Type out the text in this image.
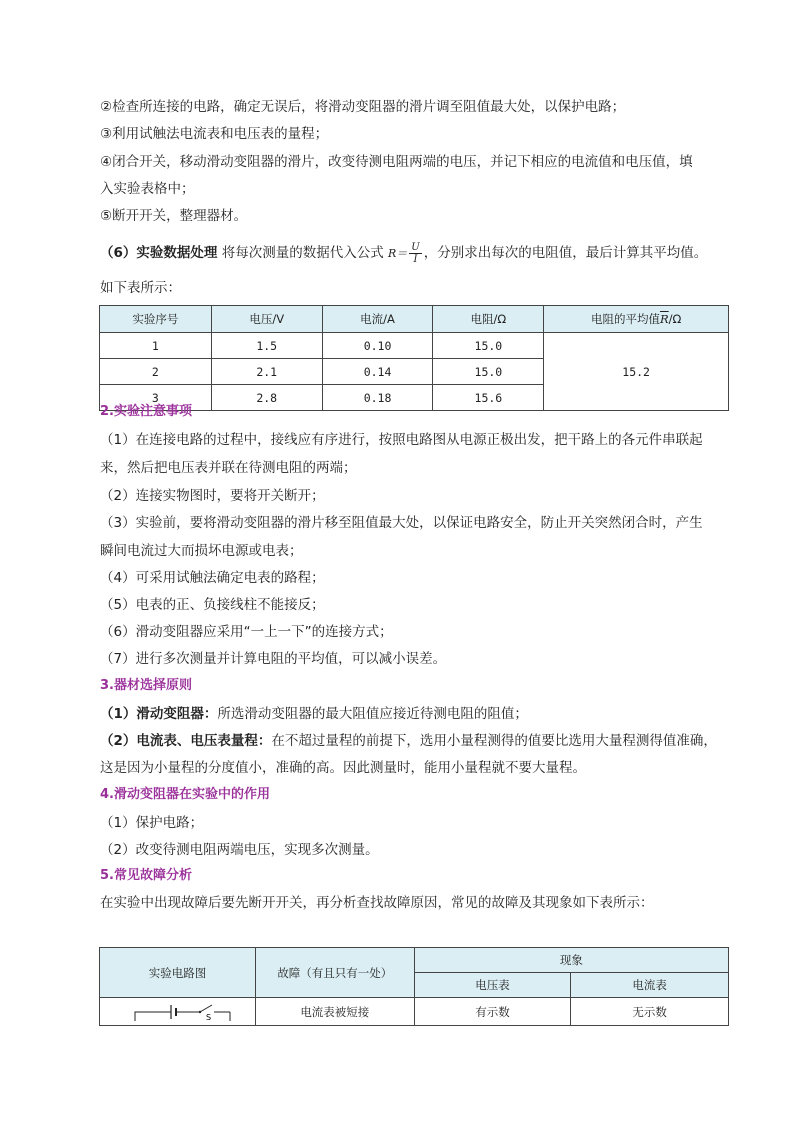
②检查所连接的电路，确定无误后，将滑动变阻器的滑片调至阻值最大处，以保护电路；
③利用试触法电流表和电压表的量程；
④闭合开关，移动滑动变阻器的滑片，改变待测电阻两端的电压，并记下相应的电流值和电压值，填
入实验表格中；
⑤断开开关，整理器材。
（6）实验数据处理 将每次测量的数据代入公式 $R= \frac{U}{I}$ ，分别求出每次的电阻值，最后计算其平均值。
如下表所示：
实验序号	电压/V	电流/A	电阻/Ω	电阻的平均值$\overline{R}/\Omega$
1	1.5	0.10	15.0	15.2
2	2.1	0.14	15.0	
3	2.8	0.18	15.6	
2.实验注意事项
（1）在连接电路的过程中，接线应有序进行，按照电路图从电源正极出发，把干路上的各元件串联起
来，然后把电压表并联在待测电阻的两端；
（2）连接实物图时，要将开关断开；
（3）实验前，要将滑动变阻器的滑片移至阻值最大处，以保证电路安全，防止开关突然闭合时，产生
瞬间电流过大而损坏电源或电表；
（4）可采用试触法确定电表的路程；
（5）电表的正、负接线柱不能接反；
（6）滑动变阻器应采用“一上一下”的连接方式；
（7）进行多次测量并计算电阻的平均值，可以减小误差。
3.器材选择原则
（1）滑动变阻器：所选滑动变阻器的最大阻值应接近待测电阻的阻值；
（2）电流表、电压表量程：在不超过量程的前提下，选用小量程测得的值要比选用大量程测得值准确，
这是因为小量程的分度值小，准确的高。因此测量时，能用小量程就不要大量程。
4.滑动变阻器在实验中的作用
（1）保护电路；
（2）改变待测电阻两端电压，实现多次测量。
5.常见故障分析
在实验中出现故障后要先断开开关，再分析查找故障原因，常见的故障及其现象如下表所示：
实验电路图	故障（有且只有一处）	现象	
		电压表	电流表

S	电流表被短接	有示数	无示数
